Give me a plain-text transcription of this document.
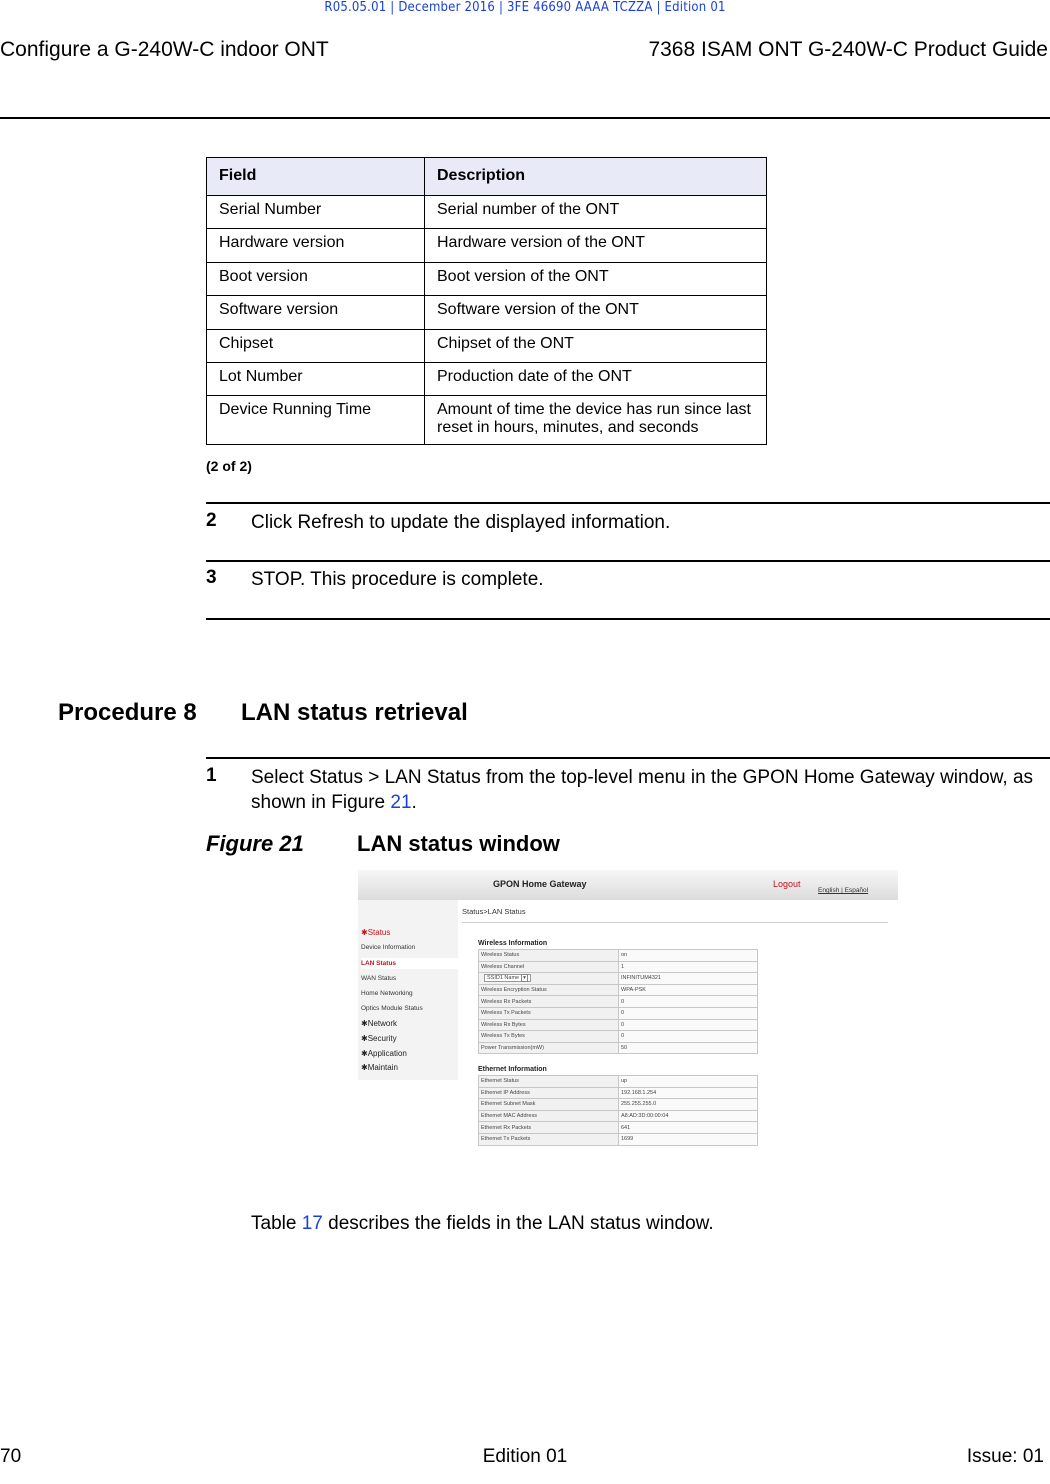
R05.05.01 | December 2016 | 3FE 46690 AAAA TCZZA | Edition 01
Configure a G-240W-C indoor ONT	7368 ISAM ONT G-240W-C Product Guide
Field	Description
Serial Number	Serial number of the ONT
Hardware version	Hardware version of the ONT
Boot version	Boot version of the ONT
Software version	Software version of the ONT
Chipset	Chipset of the ONT
Lot Number	Production date of the ONT
Device Running Time	Amount of time the device has run since last reset in hours, minutes, and seconds
(2 of 2)
2 Click Refresh to update the displayed information.
3 STOP. This procedure is complete.
Procedure 8 LAN status retrieval
1 Select Status > LAN Status from the top-level menu in the GPON Home Gateway window, as shown in Figure 21.
Figure 21 LAN status window
GPON Home Gateway	Logout
English | Español
Status>LAN Status
✱Status
Device Information
LAN Status
WAN Status
Home Networking
Optics Module Status
✱Network
✱Security
✱Application
✱Maintain
Wireless Information
Wireless Status	on
Wireless Channel	1
SSID1 Name ▾	INFINITUM4321
Wireless Encryption Status	WPA-PSK
Wireless Rx Packets	0
Wireless Tx Packets	0
Wireless Rx Bytes	0
Wireless Tx Bytes	0
Power Transmission(mW)	50
Ethernet Information
Ethernet Status	up
Ethernet IP Address	192.168.1.254
Ethernet Subnet Mask	255.255.255.0
Ethernet MAC Address	A8:AD:3D:00:00:04
Ethernet Rx Packets	641
Ethernet Tx Packets	1699
Table 17 describes the fields in the LAN status window.
70	Edition 01	Issue: 01
